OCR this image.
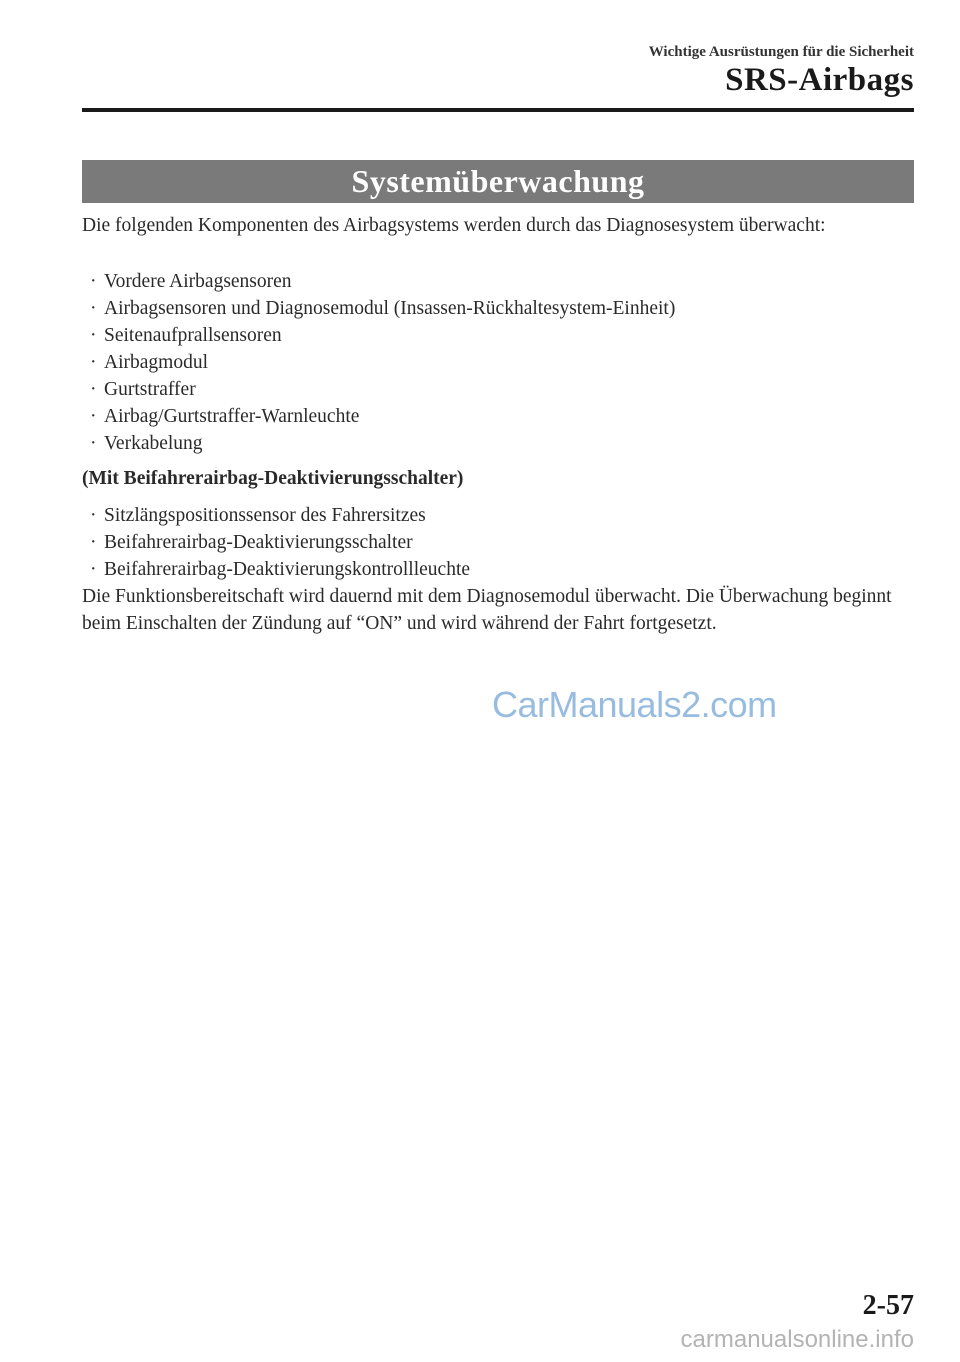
Wichtige Ausrüstungen für die Sicherheit
SRS-Airbags
Systemüberwachung

Die folgenden Komponenten des Airbagsystems werden durch das Diagnosesystem überwacht:

· Vordere Airbagsensoren
· Airbagsensoren und Diagnosemodul (Insassen-Rückhaltesystem-Einheit)
· Seitenaufprallsensoren
· Airbagmodul
· Gurtstraffer
· Airbag/Gurtstraffer-Warnleuchte
· Verkabelung

(Mit Beifahrerairbag-Deaktivierungsschalter)

· Sitzlängspositionssensor des Fahrersitzes
· Beifahrerairbag-Deaktivierungsschalter
· Beifahrerairbag-Deaktivierungskontrollleuchte

Die Funktionsbereitschaft wird dauernd mit dem Diagnosemodul überwacht. Die Überwachung beginnt beim Einschalten der Zündung auf “ON” und wird während der Fahrt fortgesetzt.

CarManuals2.com
2-57
carmanualsonline.info
